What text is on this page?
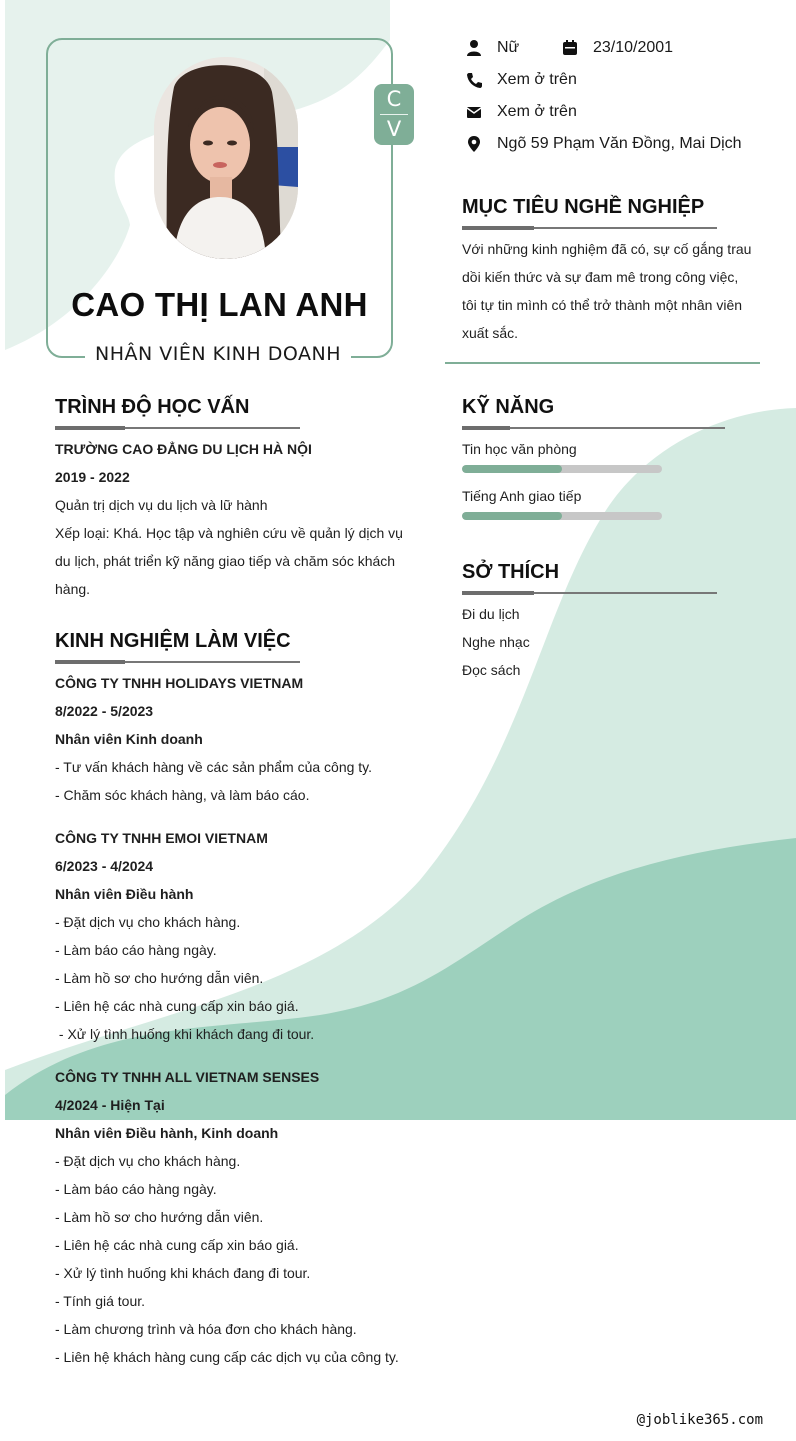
C
V
CAO THỊ LAN ANH
NHÂN VIÊN KINH DOANH
Nữ	23/10/2001
Xem ở trên
Xem ở trên
Ngõ 59 Phạm Văn Đồng, Mai Dịch
MỤC TIÊU NGHỀ NGHIỆP
Với những kinh nghiệm đã có, sự cố gắng trau
dồi kiến thức và sự đam mê trong công việc,
tôi tự tin mình có thể trở thành một nhân viên
xuất sắc.
TRÌNH ĐỘ HỌC VẤN
TRƯỜNG CAO ĐẲNG DU LỊCH HÀ NỘI
2019 - 2022
Quản trị dịch vụ du lịch và lữ hành
Xếp loại: Khá. Học tập và nghiên cứu về quản lý dịch vụ
du lịch, phát triển kỹ năng giao tiếp và chăm sóc khách
hàng.
KINH NGHIỆM LÀM VIỆC
CÔNG TY TNHH HOLIDAYS VIETNAM
8/2022 - 5/2023
Nhân viên Kinh doanh
- Tư vấn khách hàng về các sản phẩm của công ty.
- Chăm sóc khách hàng, và làm báo cáo.
CÔNG TY TNHH EMOI VIETNAM
6/2023 - 4/2024
Nhân viên Điều hành
- Đặt dịch vụ cho khách hàng.
- Làm báo cáo hàng ngày.
- Làm hồ sơ cho hướng dẫn viên.
- Liên hệ các nhà cung cấp xin báo giá.
- Xử lý tình huống khi khách đang đi tour.
CÔNG TY TNHH ALL VIETNAM SENSES
4/2024 - Hiện Tại
Nhân viên Điều hành, Kinh doanh
- Đặt dịch vụ cho khách hàng.
- Làm báo cáo hàng ngày.
- Làm hồ sơ cho hướng dẫn viên.
- Liên hệ các nhà cung cấp xin báo giá.
- Xử lý tình huống khi khách đang đi tour.
- Tính giá tour.
- Làm chương trình và hóa đơn cho khách hàng.
- Liên hệ khách hàng cung cấp các dịch vụ của công ty.
KỸ NĂNG
Tin học văn phòng
Tiếng Anh giao tiếp
SỞ THÍCH
Đi du lịch
Nghe nhạc
Đọc sách
@joblike365.com
